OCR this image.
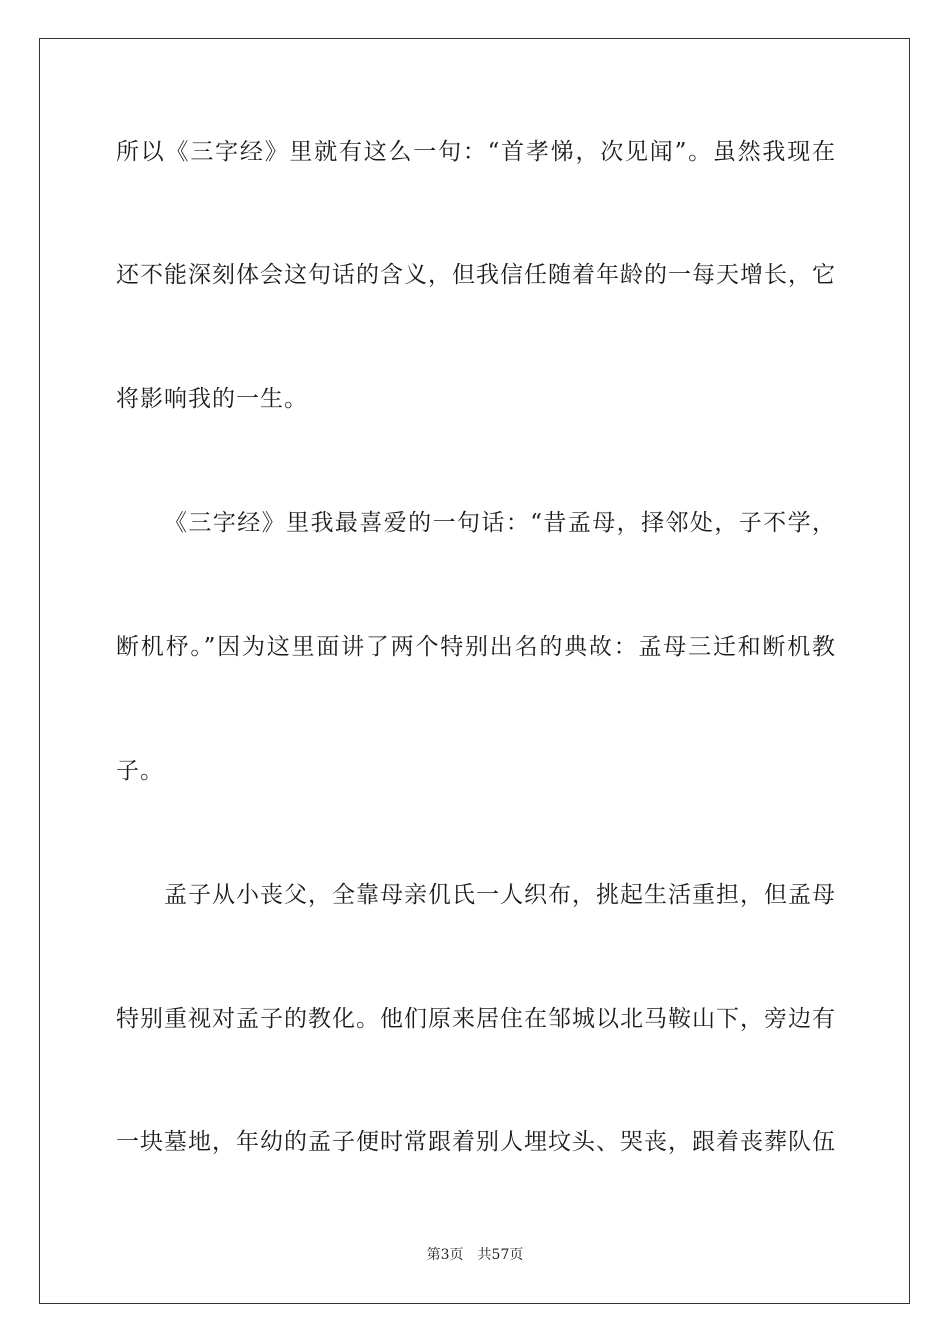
所以《三字经》里就有这么一句：“首孝悌，次见闻”。虽然我现在
还不能深刻体会这句话的含义，但我信任随着年龄的一每天增长，它
将影响我的一生。
《三字经》里我最喜爱的一句话：“昔孟母，择邻处，子不学，
断机杼。”因为这里面讲了两个特别出名的典故：孟母三迁和断机教
子。
孟子从小丧父，全靠母亲仉氏一人织布，挑起生活重担，但孟母
特别重视对孟子的教化。他们原来居住在邹城以北马鞍山下，旁边有
一块墓地，年幼的孟子便时常跟着别人埋坟头、哭丧，跟着丧葬队伍
第3页 共57页
